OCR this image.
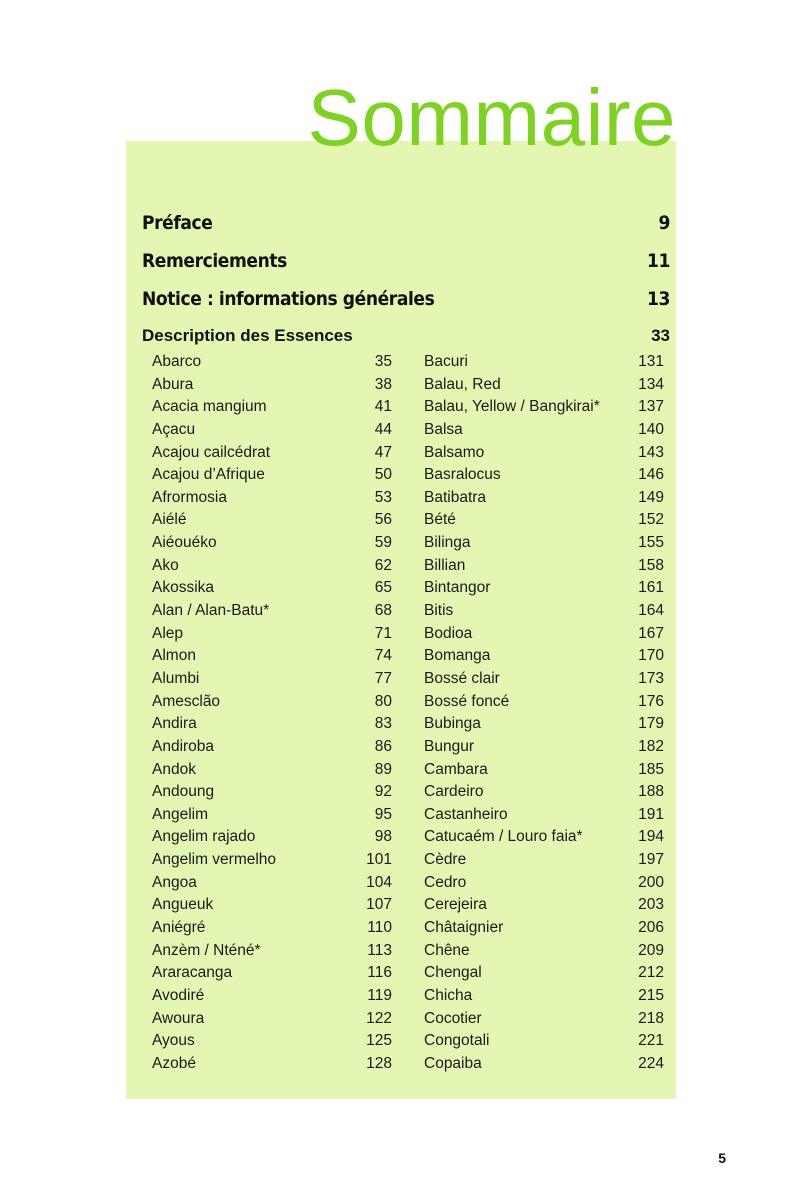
Sommaire
Préface	9
Remerciements	11
Notice : informations générales	13
Description des Essences	33
Abarco	35
Abura	38
Acacia mangium	41
Açacu	44
Acajou cailcédrat	47
Acajou d’Afrique	50
Afrormosia	53
Aiélé	56
Aiéouéko	59
Ako	62
Akossika	65
Alan / Alan-Batu*	68
Alep	71
Almon	74
Alumbi	77
Amesclão	80
Andira	83
Andiroba	86
Andok	89
Andoung	92
Angelim	95
Angelim rajado	98
Angelim vermelho	101
Angoa	104
Angueuk	107
Aniégré	110
Anzèm / Nténé*	113
Araracanga	116
Avodiré	119
Awoura	122
Ayous	125
Azobé	128
Bacuri	131
Balau, Red	134
Balau, Yellow / Bangkirai* 137
Balsa	140
Balsamo	143
Basralocus	146
Batibatra	149
Bété	152
Bilinga	155
Billian	158
Bintangor	161
Bitis	164
Bodioa	167
Bomanga	170
Bossé clair	173
Bossé foncé	176
Bubinga	179
Bungur	182
Cambara	185
Cardeiro	188
Castanheiro	191
Catucaém / Louro faia*	194
Cèdre	197
Cedro	200
Cerejeira	203
Châtaignier	206
Chêne	209
Chengal	212
Chicha	215
Cocotier	218
Congotali	221
Copaiba	224
5
